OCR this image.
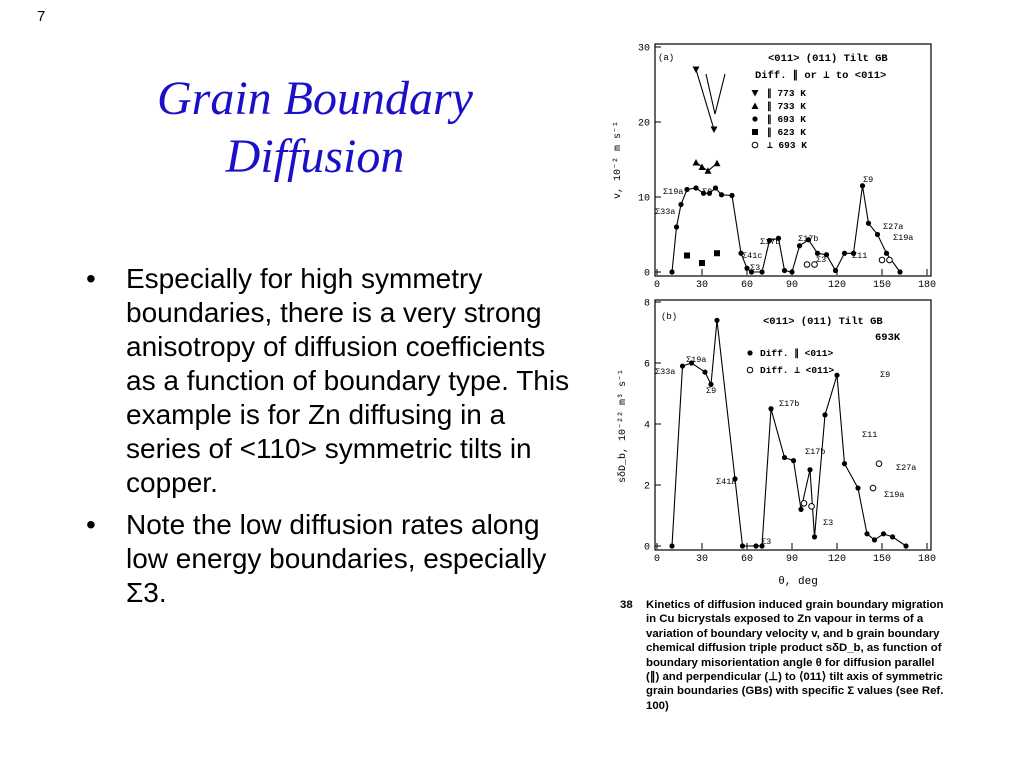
7
Grain Boundary
Diffusion
• Especially for high symmetry boundaries, there is a very strong anisotropy of diffusion coefficients as a function of boundary type. This example is for Zn diffusing in a series of <110> symmetric tilts in copper.
• Note the low diffusion rates along low energy boundaries, especially Σ3.
(a)	<011> (011) Tilt GB
Diff. ∥ or ⊥ to <011>
v, 10⁻² m s⁻¹
∥ 773 K
∥ 733 K
∥ 693 K
∥ 623 K
⊥ 693 K
0	30	60	90	120	150	180
0
10
20
30
Σ19a Σ9
Σ33a
Σ41c
Σ3
Σ17b Σ17b
Σ3	Σ11
Σ9
Σ27a
Σ19a
(b)	<011> (011) Tilt GB
693K
sδD_b, 10⁻²² m³ s⁻¹
θ, deg
Diff. ∥ <011>
Diff. ⊥ <011>
0	30	60	90	120	150	180
0
2
4
6
8
Σ19a
Σ33a
Σ9
Σ17b
Σ41a
Σ3
Σ17b
Σ3
Σ11
Σ9
Σ27a
Σ19a
38 Kinetics of diffusion induced grain boundary migration in Cu bicrystals exposed to Zn vapour in terms of a variation of boundary velocity v, and b grain boundary chemical diffusion triple product sδD_b, as function of boundary misorientation angle θ for diffusion parallel (∥) and perpendicular (⊥) to ⟨011⟩ tilt axis of symmetric grain boundaries (GBs) with specific Σ values (see Ref. 100)
